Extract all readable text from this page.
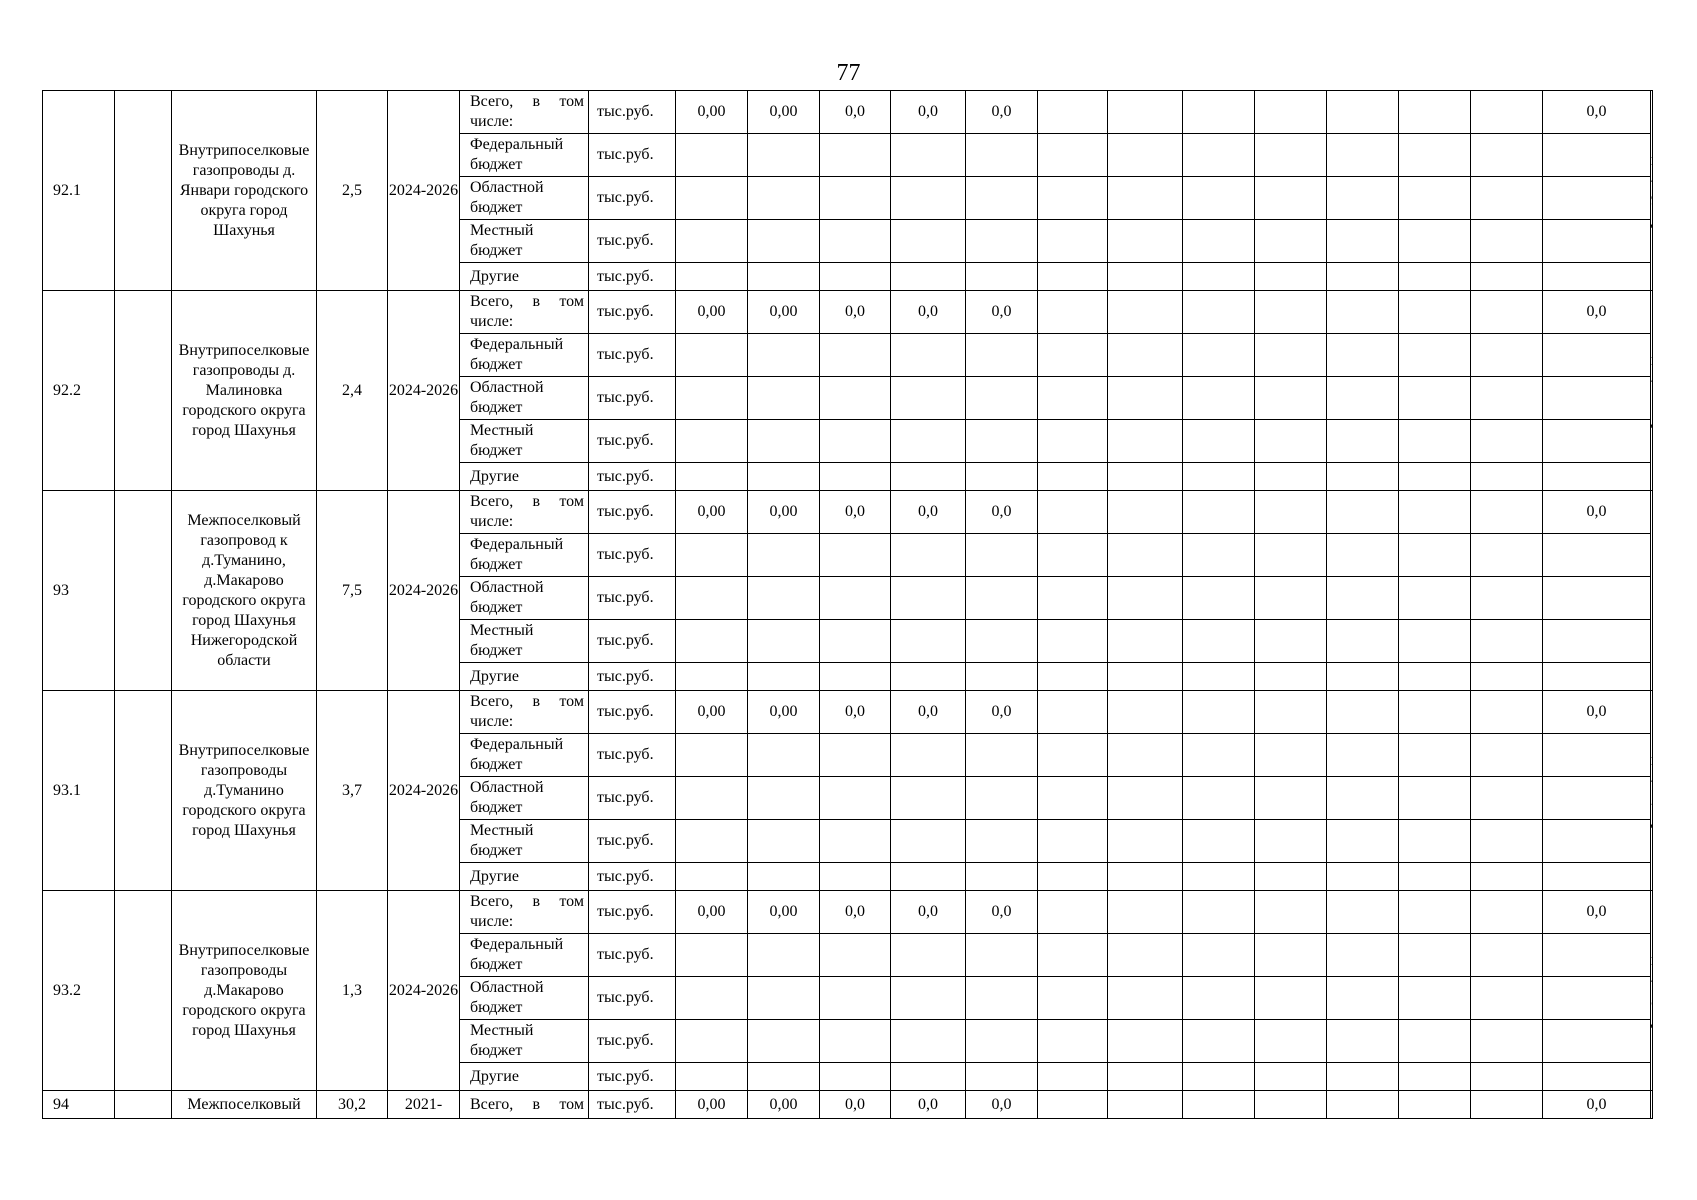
77
92.1		Внутрипоселковые газопроводы д. Январи городского округа город Шахунья	2,5	2024-2026	Всего, в том числе:	тыс.руб.	0,00	0,00	0,0	0,0	0,0								0,0	
					Федеральный бюджет	тыс.руб.														
					Областной бюджет	тыс.руб.														
					Местный бюджет	тыс.руб.														
					Другие	тыс.руб.														
92.2		Внутрипоселковые газопроводы д. Малиновка городского округа город Шахунья	2,4	2024-2026	Всего, в том числе:	тыс.руб.	0,00	0,00	0,0	0,0	0,0								0,0	
					Федеральный бюджет	тыс.руб.														
					Областной бюджет	тыс.руб.														
					Местный бюджет	тыс.руб.														
					Другие	тыс.руб.														
93		Межпоселковый газопровод к д.Туманино, д.Макарово городского округа город Шахунья Нижегородской области	7,5	2024-2026	Всего, в том числе:	тыс.руб.	0,00	0,00	0,0	0,0	0,0								0,0	
					Федеральный бюджет	тыс.руб.														
					Областной бюджет	тыс.руб.														
					Местный бюджет	тыс.руб.														
					Другие	тыс.руб.														
93.1		Внутрипоселковые газопроводы д.Туманино городского округа город Шахунья	3,7	2024-2026	Всего, в том числе:	тыс.руб.	0,00	0,00	0,0	0,0	0,0								0,0	
					Федеральный бюджет	тыс.руб.														
					Областной бюджет	тыс.руб.														
					Местный бюджет	тыс.руб.														
					Другие	тыс.руб.														
93.2		Внутрипоселковые газопроводы д.Макарово городского округа город Шахунья	1,3	2024-2026	Всего, в том числе:	тыс.руб.	0,00	0,00	0,0	0,0	0,0								0,0	
					Федеральный бюджет	тыс.руб.														
					Областной бюджет	тыс.руб.														
					Местный бюджет	тыс.руб.														
					Другие	тыс.руб.														
94		Межпоселковый	30,2	2021-	Всего, в том	тыс.руб.	0,00	0,00	0,0	0,0	0,0								0,0	
